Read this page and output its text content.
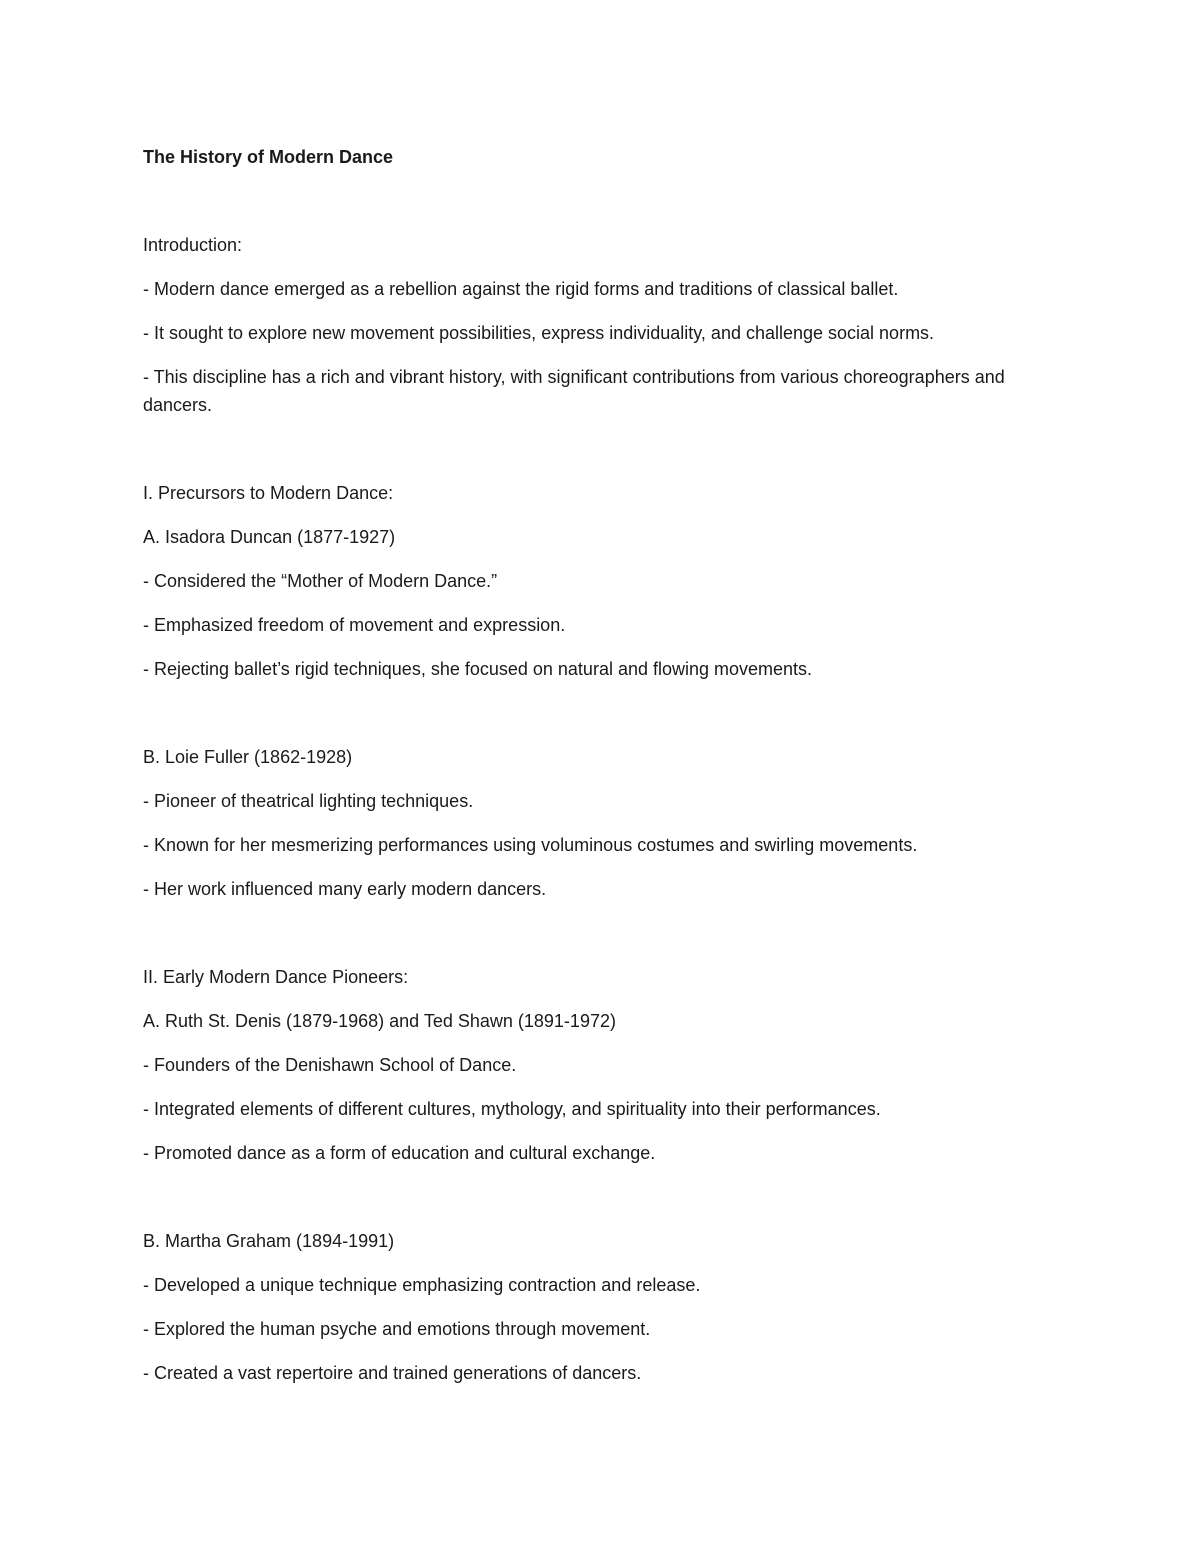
The History of Modern Dance
Introduction:
- Modern dance emerged as a rebellion against the rigid forms and traditions of classical ballet.
- It sought to explore new movement possibilities, express individuality, and challenge social norms.
- This discipline has a rich and vibrant history, with significant contributions from various choreographers and dancers.
I. Precursors to Modern Dance:
A. Isadora Duncan (1877-1927)
- Considered the “Mother of Modern Dance.”
- Emphasized freedom of movement and expression.
- Rejecting ballet’s rigid techniques, she focused on natural and flowing movements.
B. Loie Fuller (1862-1928)
- Pioneer of theatrical lighting techniques.
- Known for her mesmerizing performances using voluminous costumes and swirling movements.
- Her work influenced many early modern dancers.
II. Early Modern Dance Pioneers:
A. Ruth St. Denis (1879-1968) and Ted Shawn (1891-1972)
- Founders of the Denishawn School of Dance.
- Integrated elements of different cultures, mythology, and spirituality into their performances.
- Promoted dance as a form of education and cultural exchange.
B. Martha Graham (1894-1991)
- Developed a unique technique emphasizing contraction and release.
- Explored the human psyche and emotions through movement.
- Created a vast repertoire and trained generations of dancers.
